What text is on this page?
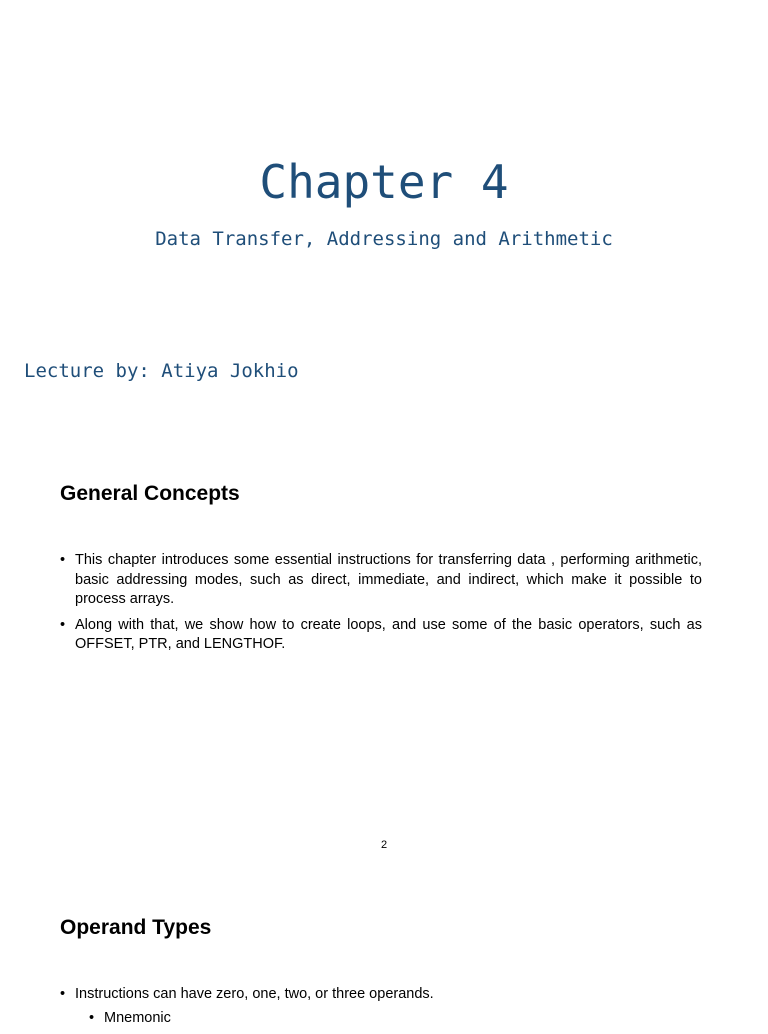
Chapter 4
Data Transfer, Addressing and Arithmetic
Lecture by: Atiya Jokhio
General Concepts
• This chapter introduces some essential instructions for transferring data , performing arithmetic, basic addressing modes, such as direct, immediate, and indirect, which make it possible to process arrays.
• Along with that, we show how to create loops, and use some of the basic operators, such as OFFSET, PTR, and LENGTHOF.
2
Operand Types
• Instructions can have zero, one, two, or three operands.
• Mnemonic
